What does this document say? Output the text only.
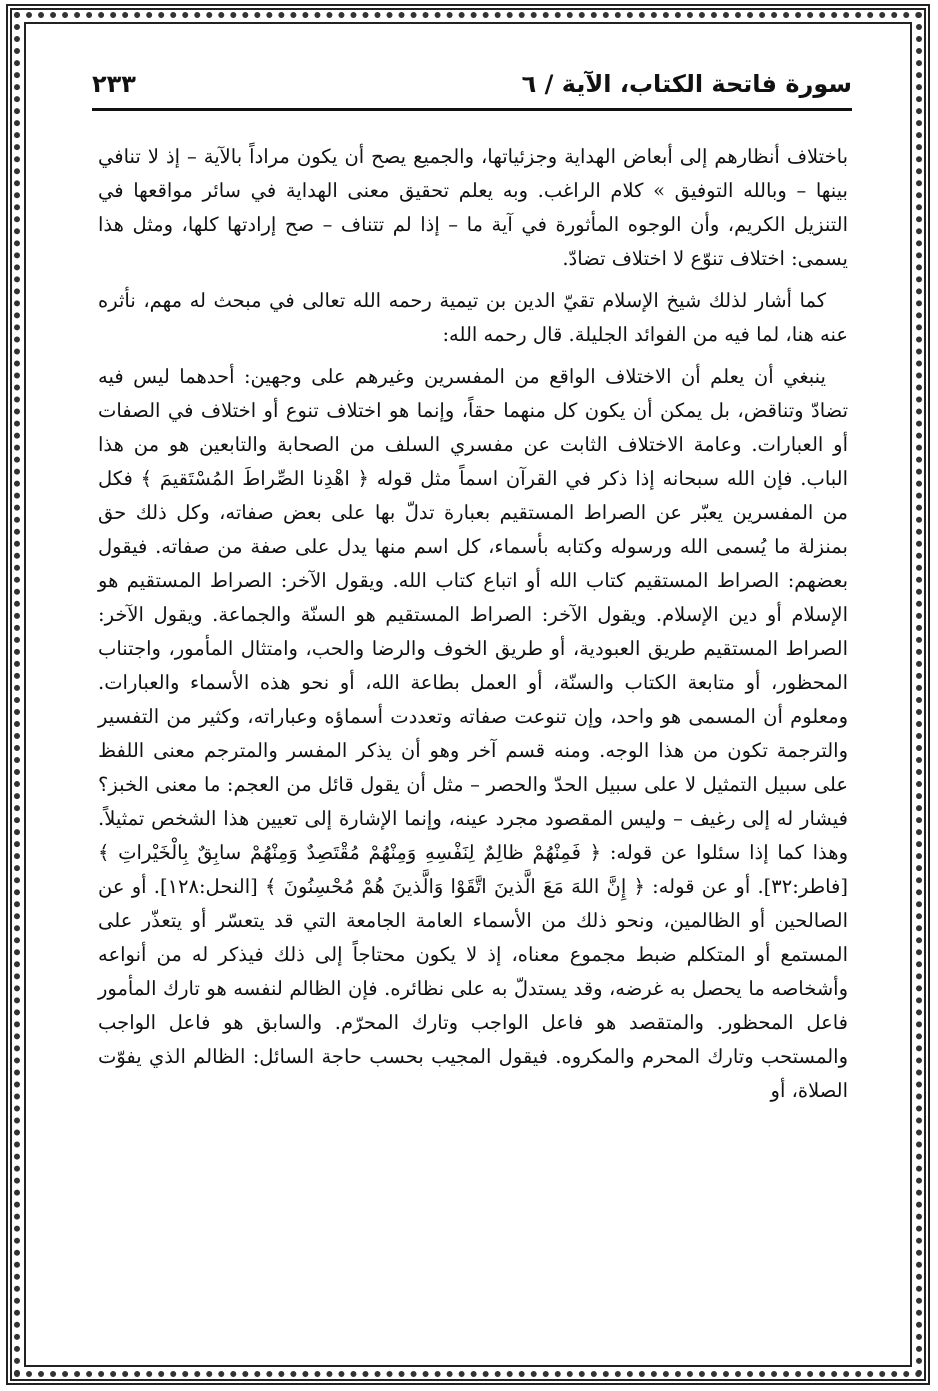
سورة فاتحة الكتاب، الآية / ٦
٢٣٣

باختلاف أنظارهم إلى أبعاض الهداية وجزئياتها، والجميع يصح أن يكون مراداً بالآية – إذ لا تنافي بينها – وبالله التوفيق » كلام الراغب. وبه يعلم تحقيق معنى الهداية في سائر مواقعها في التنزيل الكريم، وأن الوجوه المأثورة في آية ما – إذا لم تتناف – صح إرادتها كلها، ومثل هذا يسمى: اختلاف تنوّع لا اختلاف تضادّ.

كما أشار لذلك شيخ الإسلام تقيّ الدين بن تيمية رحمه الله تعالى في مبحث له مهم، نأثره عنه هنا، لما فيه من الفوائد الجليلة. قال رحمه الله:

ينبغي أن يعلم أن الاختلاف الواقع من المفسرين وغيرهم على وجهين: أحدهما ليس فيه تضادّ وتناقض، بل يمكن أن يكون كل منهما حقاً، وإنما هو اختلاف تنوع أو اختلاف في الصفات أو العبارات. وعامة الاختلاف الثابت عن مفسري السلف من الصحابة والتابعين هو من هذا الباب. فإن الله سبحانه إذا ذكر في القرآن اسماً مثل قوله ﴿ اهْدِنا الصِّراطَ المُسْتَقيمَ ﴾ فكل من المفسرين يعبّر عن الصراط المستقيم بعبارة تدلّ بها على بعض صفاته، وكل ذلك حق بمنزلة ما يُسمى الله ورسوله وكتابه بأسماء، كل اسم منها يدل على صفة من صفاته. فيقول بعضهم: الصراط المستقيم كتاب الله أو اتباع كتاب الله. ويقول الآخر: الصراط المستقيم هو الإسلام أو دين الإسلام. ويقول الآخر: الصراط المستقيم هو السنّة والجماعة. ويقول الآخر: الصراط المستقيم طريق العبودية، أو طريق الخوف والرضا والحب، وامتثال المأمور، واجتناب المحظور، أو متابعة الكتاب والسنّة، أو العمل بطاعة الله، أو نحو هذه الأسماء والعبارات. ومعلوم أن المسمى هو واحد، وإن تنوعت صفاته وتعددت أسماؤه وعباراته، وكثير من التفسير والترجمة تكون من هذا الوجه. ومنه قسم آخر وهو أن يذكر المفسر والمترجم معنى اللفظ على سبيل التمثيل لا على سبيل الحدّ والحصر – مثل أن يقول قائل من العجم: ما معنى الخبز؟ فيشار له إلى رغيف – وليس المقصود مجرد عينه، وإنما الإشارة إلى تعيين هذا الشخص تمثيلاً. وهذا كما إذا سئلوا عن قوله: ﴿ فَمِنْهُمْ ظالِمٌ لِنَفْسِهِ وَمِنْهُمْ مُقْتَصِدٌ وَمِنْهُمْ سابِقٌ بِالْخَيْراتِ ﴾ [فاطر:٣٢]. أو عن قوله: ﴿ إِنَّ اللهَ مَعَ الَّذينَ اتَّقَوْا وَالَّذينَ هُمْ مُحْسِنُونَ ﴾ [النحل:١٢٨]. أو عن الصالحين أو الظالمين، ونحو ذلك من الأسماء العامة الجامعة التي قد يتعسّر أو يتعذّر على المستمع أو المتكلم ضبط مجموع معناه، إذ لا يكون محتاجاً إلى ذلك فيذكر له من أنواعه وأشخاصه ما يحصل به غرضه، وقد يستدلّ به على نظائره. فإن الظالم لنفسه هو تارك المأمور فاعل المحظور. والمتقصد هو فاعل الواجب وتارك المحرّم. والسابق هو فاعل الواجب والمستحب وتارك المحرم والمكروه. فيقول المجيب بحسب حاجة السائل: الظالم الذي يفوّت الصلاة، أو
